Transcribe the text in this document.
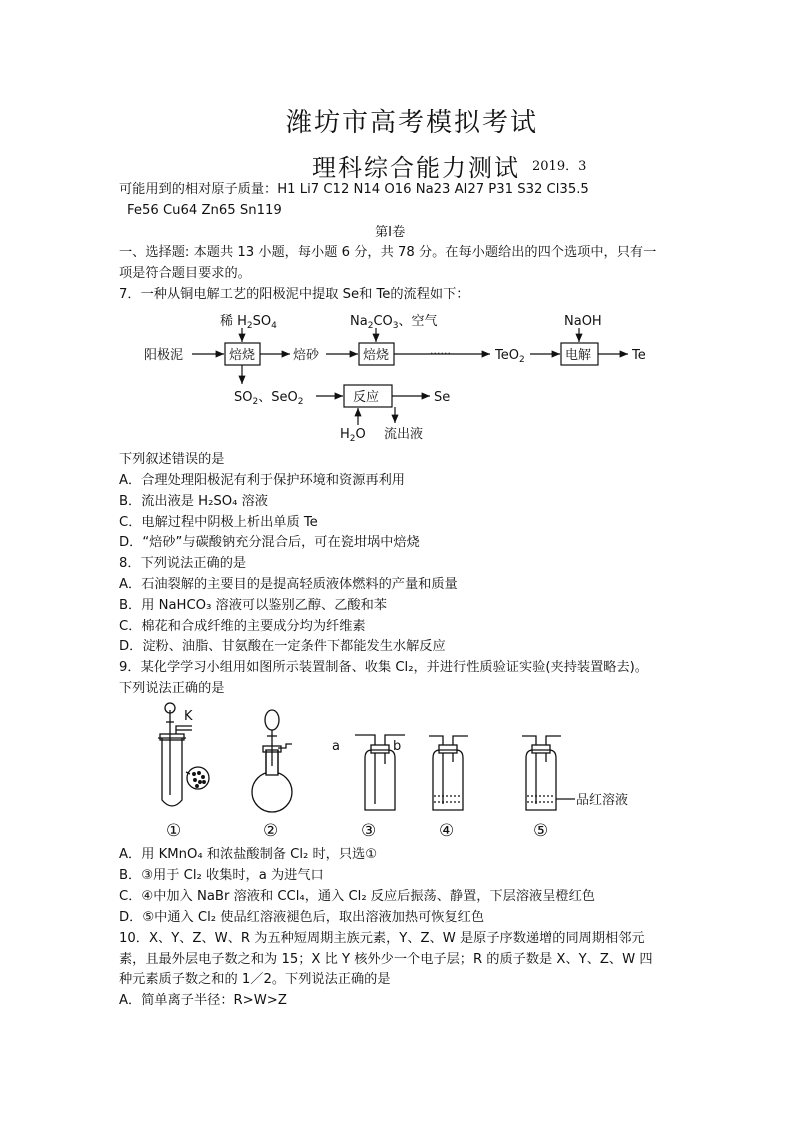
潍坊市高考模拟考试
理科综合能力测试 2019．3
可能用到的相对原子质量：H1 Li7 C12 N14 O16 Na23 Al27 P31 S32 Cl35.5
Fe56 Cu64 Zn65 Sn119
第Ⅰ卷
一、选择题: 本题共 13 小题，每小题 6 分，共 78 分。在每小题给出的四个选项中，只有一
项是符合题目要求的。
7．一种从铜电解工艺的阳极泥中提取 Se和 Te的流程如下：
稀 $H_2SO_4$	$Na_2CO_3$、空气	NaOH
阳极泥	焙烧	焙砂	焙烧	······	TeO$_2$	电解	Te
$SO_2$、SeO$_2$	反应	Se
$H_2O$ 流出液
下列叙述错误的是
A．合理处理阳极泥有利于保护环境和资源再利用
B．流出液是 H₂SO₄ 溶液
C．电解过程中阴极上析出单质 Te
D．“焙砂”与碳酸钠充分混合后，可在瓷坩埚中焙烧
8．下列说法正确的是
A．石油裂解的主要目的是提高轻质液体燃料的产量和质量
B．用 NaHCO₃ 溶液可以鉴别乙醇、乙酸和苯
C．棉花和合成纤维的主要成分均为纤维素
D．淀粉、油脂、甘氨酸在一定条件下都能发生水解反应
9．某化学学习小组用如图所示装置制备、收集 Cl₂，并进行性质验证实验(夹持装置略去)。
下列说法正确的是
K
a	b
品红溶液
①	②	③	④	⑤
A．用 KMnO₄ 和浓盐酸制备 Cl₂ 时，只选①
B．③用于 Cl₂ 收集时，a 为进气口
C．④中加入 NaBr 溶液和 CCl₄，通入 Cl₂ 反应后振荡、静置，下层溶液呈橙红色
D．⑤中通入 Cl₂ 使品红溶液褪色后，取出溶液加热可恢复红色
10．X、Y、Z、W、R 为五种短周期主族元素，Y、Z、W 是原子序数递增的同周期相邻元
素，且最外层电子数之和为 15；X 比 Y 核外少一个电子层；R 的质子数是 X、Y、Z、W 四
种元素质子数之和的 1／2。下列说法正确的是
A．简单离子半径：R>W>Z
